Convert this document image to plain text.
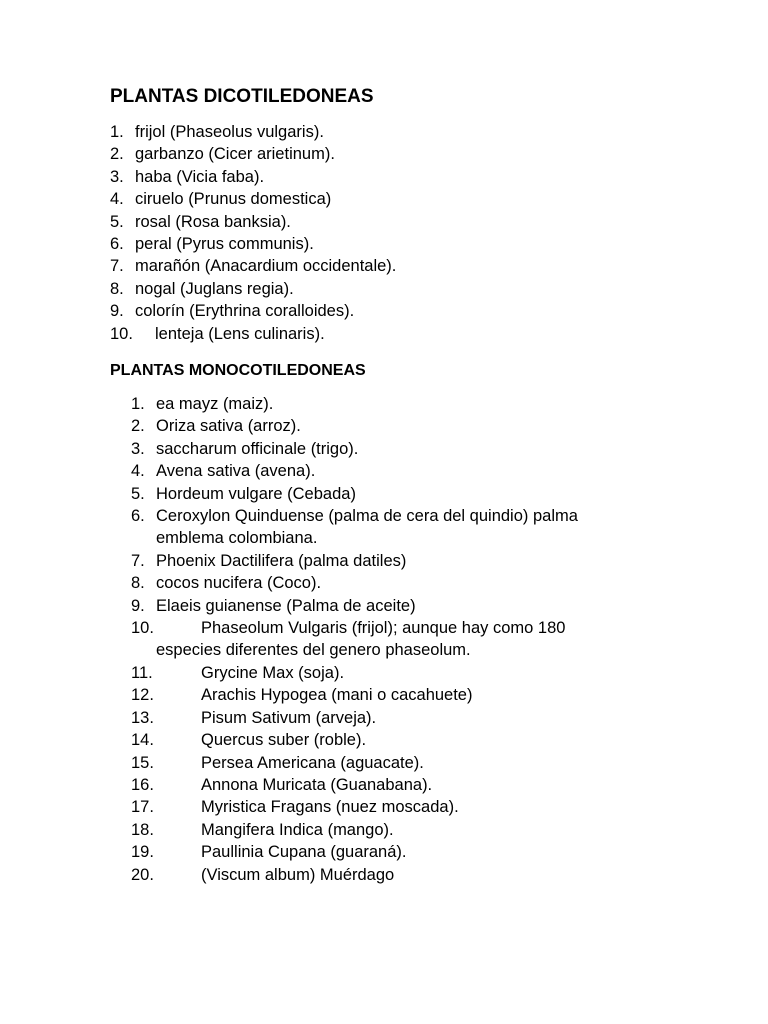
PLANTAS DICOTILEDONEAS
1. frijol (Phaseolus vulgaris).
2. garbanzo (Cicer arietinum).
3. haba (Vicia faba).
4. ciruelo (Prunus domestica)
5. rosal (Rosa banksia).
6. peral (Pyrus communis).
7. marañón (Anacardium occidentale).
8. nogal (Juglans regia).
9. colorín (Erythrina coralloides).
10. lenteja (Lens culinaris).
PLANTAS MONOCOTILEDONEAS
1. ea mayz (maiz).
2. Oriza sativa (arroz).
3. saccharum officinale (trigo).
4. Avena sativa (avena).
5. Hordeum vulgare (Cebada)
6. Ceroxylon Quinduense (palma de cera del quindio) palma
emblema colombiana.
7. Phoenix Dactilifera (palma datiles)
8. cocos nucifera (Coco).
9. Elaeis guianense (Palma de aceite)
10.	Phaseolum Vulgaris (frijol); aunque hay como 180
especies diferentes del genero phaseolum.
11.	Grycine Max (soja).
12.	Arachis Hypogea (mani o cacahuete)
13.	Pisum Sativum (arveja).
14.	Quercus suber (roble).
15.	Persea Americana (aguacate).
16.	Annona Muricata (Guanabana).
17.	Myristica Fragans (nuez moscada).
18.	Mangifera Indica (mango).
19.	Paullinia Cupana (guaraná).
20.	(Viscum album) Muérdago
